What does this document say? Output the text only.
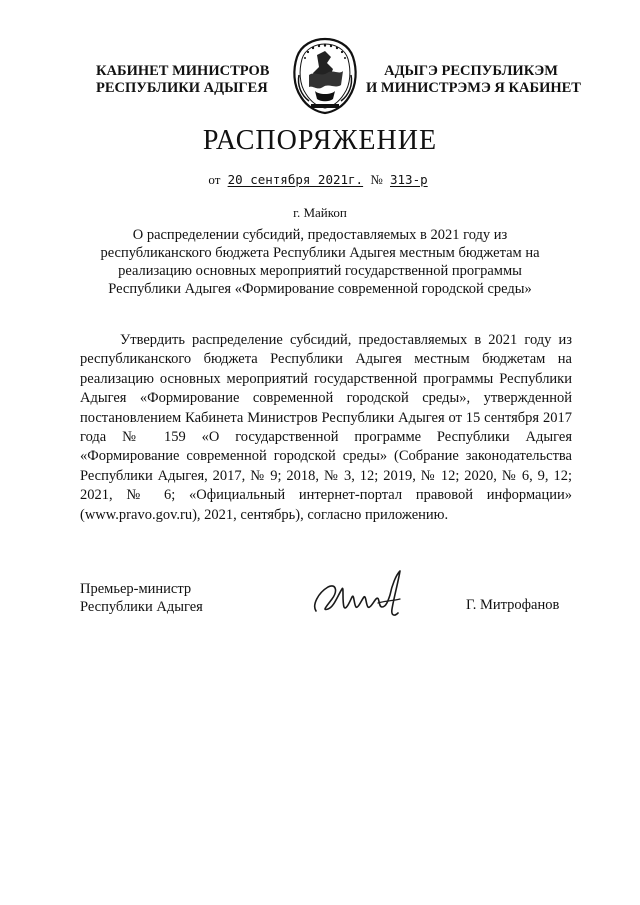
КАБИНЕТ МИНИСТРОВ
РЕСПУБЛИКИ АДЫГЕЯ
АДЫГЭ РЕСПУБЛИКЭМ
И МИНИСТРЭМЭ Я КАБИНЕТ
РАСПОРЯЖЕНИЕ
от 20 сентября 2021г. № 313-р
г. Майкоп
О распределении субсидий, предоставляемых в 2021 году из республиканского бюджета Республики Адыгея местным бюджетам на реализацию основных мероприятий государственной программы Республики Адыгея «Формирование современной городской среды»
Утвердить распределение субсидий, предоставляемых в 2021 году из республиканского бюджета Республики Адыгея местным бюджетам на реализацию основных мероприятий государственной программы Республики Адыгея «Формирование современной городской среды», утвержденной постановлением Кабинета Министров Республики Адыгея от 15 сентября 2017 года № 159 «О государственной программе Республики Адыгея «Формирование современной городской среды» (Собрание законодательства Республики Адыгея, 2017, № 9; 2018, № 3, 12; 2019, № 12; 2020, № 6, 9, 12; 2021, № 6; «Официальный интернет-портал правовой информации» (www.pravo.gov.ru), 2021, сентябрь), согласно приложению.
Премьер-министр
Республики Адыгея	Г. Митрофанов
